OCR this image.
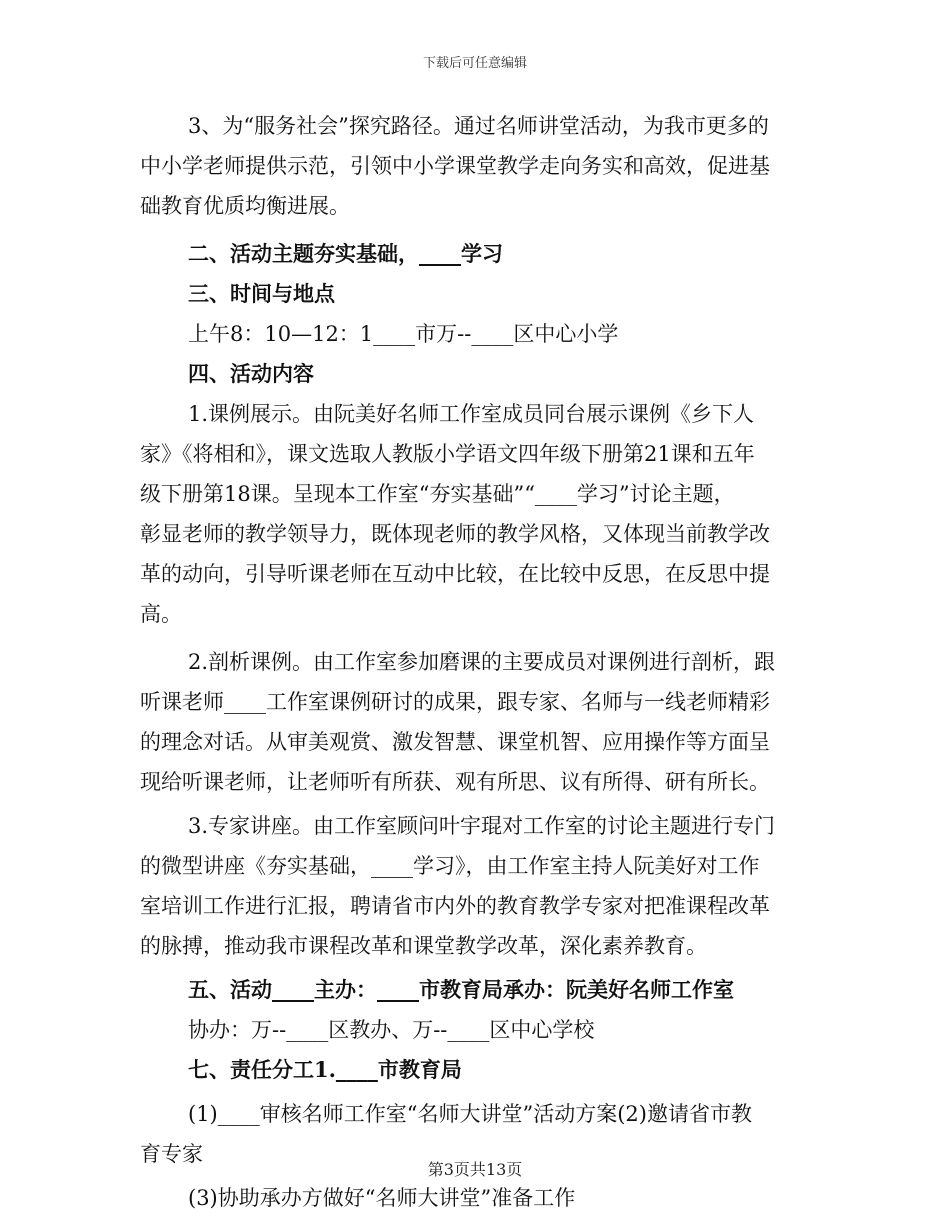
下载后可任意编辑
3、为“服务社会”探究路径。通过名师讲堂活动，为我市更多的
中小学老师提供示范，引领中小学课堂教学走向务实和高效，促进基
础教育优质均衡进展。
二、活动主题夯实基础，____学习
三、时间与地点
上午8：10—12：1____市万--____区中心小学
四、活动内容
1.课例展示。由阮美好名师工作室成员同台展示课例《乡下人
家》《将相和》，课文选取人教版小学语文四年级下册第21课和五年
级下册第18课。呈现本工作室“夯实基础”“____学习”讨论主题，
彰显老师的教学领导力，既体现老师的教学风格，又体现当前教学改
革的动向，引导听课老师在互动中比较，在比较中反思，在反思中提
高。
2.剖析课例。由工作室参加磨课的主要成员对课例进行剖析，跟
听课老师____工作室课例研讨的成果，跟专家、名师与一线老师精彩
的理念对话。从审美观赏、激发智慧、课堂机智、应用操作等方面呈
现给听课老师，让老师听有所获、观有所思、议有所得、研有所长。
3.专家讲座。由工作室顾问叶宇琨对工作室的讨论主题进行专门
的微型讲座《夯实基础，____学习》，由工作室主持人阮美好对工作
室培训工作进行汇报，聘请省市内外的教育教学专家对把准课程改革
的脉搏，推动我市课程改革和课堂教学改革，深化素养教育。
五、活动____主办：____市教育局承办：阮美好名师工作室
协办：万--____区教办、万--____区中心学校
七、责任分工1.____市教育局
(1)____审核名师工作室“名师大讲堂”活动方案(2)邀请省市教
育专家
(3)协助承办方做好“名师大讲堂”准备工作
第3页共13页
